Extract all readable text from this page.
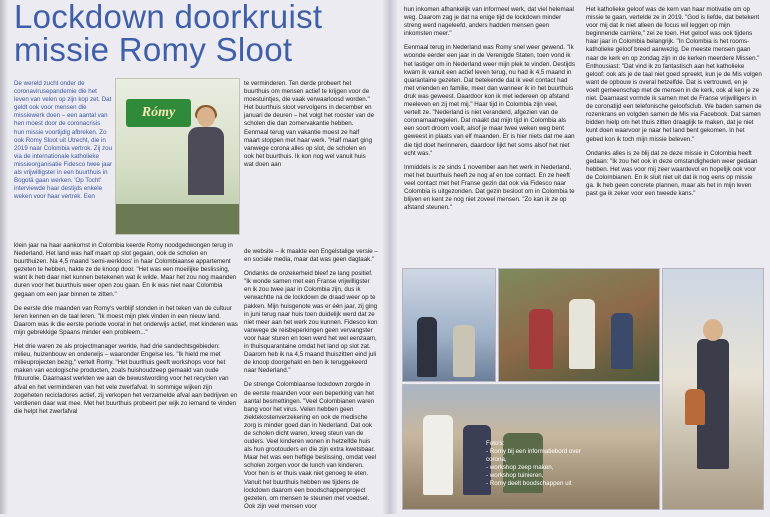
Lockdown doorkruist missie Romy Sloot

De wereld zucht onder de coronavirusepandemie die het leven van velen op zijn kop zet. Dat geldt ook voor mensen die missiewerk doen – een aantal van hen moest door de coronacrisis hun missie voortijdig afbreken. Zo ook Romy Sloot uit Utrecht, die in 2019 naar Colombia vertrok. Zij zou via de internationale katholieke missieorganisatie Fidesco twee jaar als vrijwilligster in een buurthuis in Bogotá gaan werken. 'Op Tocht' interviewde haar destijds enkele weken voor haar vertrek. Een

Rómy

klein jaar na haar aankomst in Colombia keerde Romy noodgedwongen terug in Nederland. Het land was half maart op slot gegaan, ook de scholen en buurthuizen. Na 4,5 maand 'semi-werkloos' in haar Colombiaanse appartement gezeten te hebben, hakte ze de knoop door. "Het was een moeilijke beslissing, want ik heb daar niet kunnen betekenen wat ik wilde. Maar het zou nog maanden duren voor het buurthuis weer open zou gaan. En ik was niet naar Colombia gegaan om een jaar binnen te zitten."

De eerste drie maanden van Romy's verblijf stonden in het teken van de cultuur leren kennen en de taal leren. "Ik moest mijn plek vinden in een nieuw land. Daarom was ik die eerste periode vooral in het onderwijs actief, met kinderen was mijn gebrekkige Spaans minder een probleem..."

Het drie waren ze als projectmanager werkte, had drie sandechtsgebieden: milieu, huizenbouw en onderwijs – waaronder Engelse les. "Ik hield me met milieuprojecten bezig," vertelt Romy. "Het buurthuis geeft workshops voor het maken van ecologische producten, zoals huishoudzeep gemaakt van oude frituurolie. Daarnaast werkten we aan de bewustwording voor het recyclen van afval en het verminderen van het vele zwerfafval. In sommige wijken zijn zogeheten recicladores actief, zij verkopen het verzamelde afval aan bedrijven en verdienen daar wat mee. Met het buurthuis probeert per wijk zo iemand te vinden die helpt het zwerfafval

te verminderen. Ten derde probeert het buurthuis om mensen actief te krijgen voor de moestuintjes, die vaak verwaarloosd worden." Het buurthuis sloot vervolgens in december en januari de deuren – het volgt het rooster van de scholen die dan zomervakantie hebben. Eenmaal terug van vakantie moest ze half maart stoppen met haar werk. "Half maart ging vanwege corona alles op slot, de scholen en ook het buurthuis. Ik kon nog wel vanuit huis wat doen aan

de website – ik maakte een Engelstalige versie – en sociale media, maar dat was geen dagtaak."

Ondanks de onzekerheid bleef ze lang positief. "Ik wonde samen met een Franse vrijwilligster en ik zou twee jaar in Colombia zijn, dus ik verwachtte na de lockdown de draad weer op te pakken. Mijn huisgenote was er één jaar, zij ging in juni terug naar huis toen duidelijk werd dat ze niet meer aan het werk zou kunnen. Fidesco kon vanwege de reisbeperkingen geen vervangster voor haar sturen en toen werd het wel eenzaam, in thuisquarantaine omdat het land op slot zat. Daarom heb ik na 4,5 maand thuiszitten eind juli de knoop doorgehakt en ben ik teruggekeerd naar Nederland."

De strenge Colombiaanse lockdown zorgde in de eerste maanden voor een beperking van het aantal besmettingen. "Veel Colombianen waren bang voor het virus. Velen hebben geen ziektekostenverzekering en ook de medische zorg is minder goed dan in Nederland. Dat ook de scholen dicht waren, kreeg steun van de ouders. Veel kinderen wonen in hetzelfde huis als hun grootouders en die zijn extra kwetsbaar. Maar het was een heftige beslissing, omdat veel scholen zorgen voor de lunch van kinderen. Voor hen is er thuis vaak niet genoeg te eten. Vanuit het buurthuis hebben we tijdens de lockdown daarom een boodschappenproject gezeten, om mensen te steunen met voedsel. Ook zijn veel mensen voor

hun inkomen afhankelijk van informeel werk, dat viel helemaal weg. Daarom zag je dat na enige tijd de lockdown minder streng werd nageleefd, anders hadden mensen geen inkomsten meer."

Eenmaal terug in Nederland was Romy snel weer gewend. "Ik woonde eerder een jaar in de Verenigde Staten, toen vond ik het lastiger om in Nederland weer mijn plek te vinden. Destijds kwam ik vanuit een actief leven terug, nu had ik 4,5 maand in quarantaine gezeten. Dat betekende dat ik veel contact had met vrienden en familie, meer dan wanneer ik in het buurthuis druk was geweest. Daardoor kon ik met iedereen op afstand meeleven en zij met mij." Haar tijd in Colombia zijn veel, vertelt ze. "Nederland is niet veranderd, afgezien van de coronamaatregelen. Dat maakt dat mijn tijd in Colombia als een soort droom voelt, alsof je maar twee weken weg bent geweest in plaats van elf maanden. Er is hier niets dat me aan die tijd doet herinneren, daardoor lijkt het soms alsof het niet echt was."

Inmiddels is ze sinds 1 november aan het werk in Nederland, met het buurthuis heeft ze nog af en toe contact. En ze heeft veel contact met het Franse gezin dat ook via Fidesco naar Colombia is uitgezonden. Dat gezin besloot om in Colombia te blijven en kent ze nog niet zoveel mensen. "Zo kan ik ze op afstand steunen."

Het katholieke geloof was de kern van haar motivatie om op missie te gaan, vertelde ze in 2019. "God is liefde, dat betekent voor mij dat ik niet alleen de focus wil leggen op mijn beginnende carrière," zei ze toen. Het geloof was ook tijdens haar jaar in Colombia belangrijk. "In Colombia is het rooms-katholieke geloof breed aanwezig. De meeste mensen gaan naar de kerk en op zondag zijn in de kerken meerdere Missen." Enthousiast: "Dat vind ik zo fantastisch aan het katholieke geloof: ook als je de taal niet goed spreekt, kun je de Mis volgen want de opbouw is overal hetzelfde. Dat is vertrouwd, en je voelt gemeenschap met de mensen in de kerk, ook al ken je ze niet. Daarnaast vormde ik samen met de Franse vrijwilligers in de coronatijd een telefonische geloofsclub. We baden samen de rozenkrans en volgden samen de Mis via Facebook. Dat samen bidden hielp om het thuis zitten draaglijk te maken, dat je niet kunt doen waarvoor je naar het land bent gekomen. In het gebed kon ik toch mijn missie beleven."

Ondanks alles is ze blij dat ze deze missie in Colombia heeft gedaan: "Ik zou het ook in deze omstandigheden weer gedaan hebben. Het was voor mij zeer waardevol en hopelijk ook voor de Colombianen. En ik sluit niet uit dat ik nog eens op missie ga. Ik heb geen concrete plannen, maar als het in mijn leven past ga ik zeker voor een tweede kans."

Foto's:
- Romy bij een informatiebord over corona,
- workshop zeep maken,
- workshop tuinieren,
- Romy deelt boodschappen uit
